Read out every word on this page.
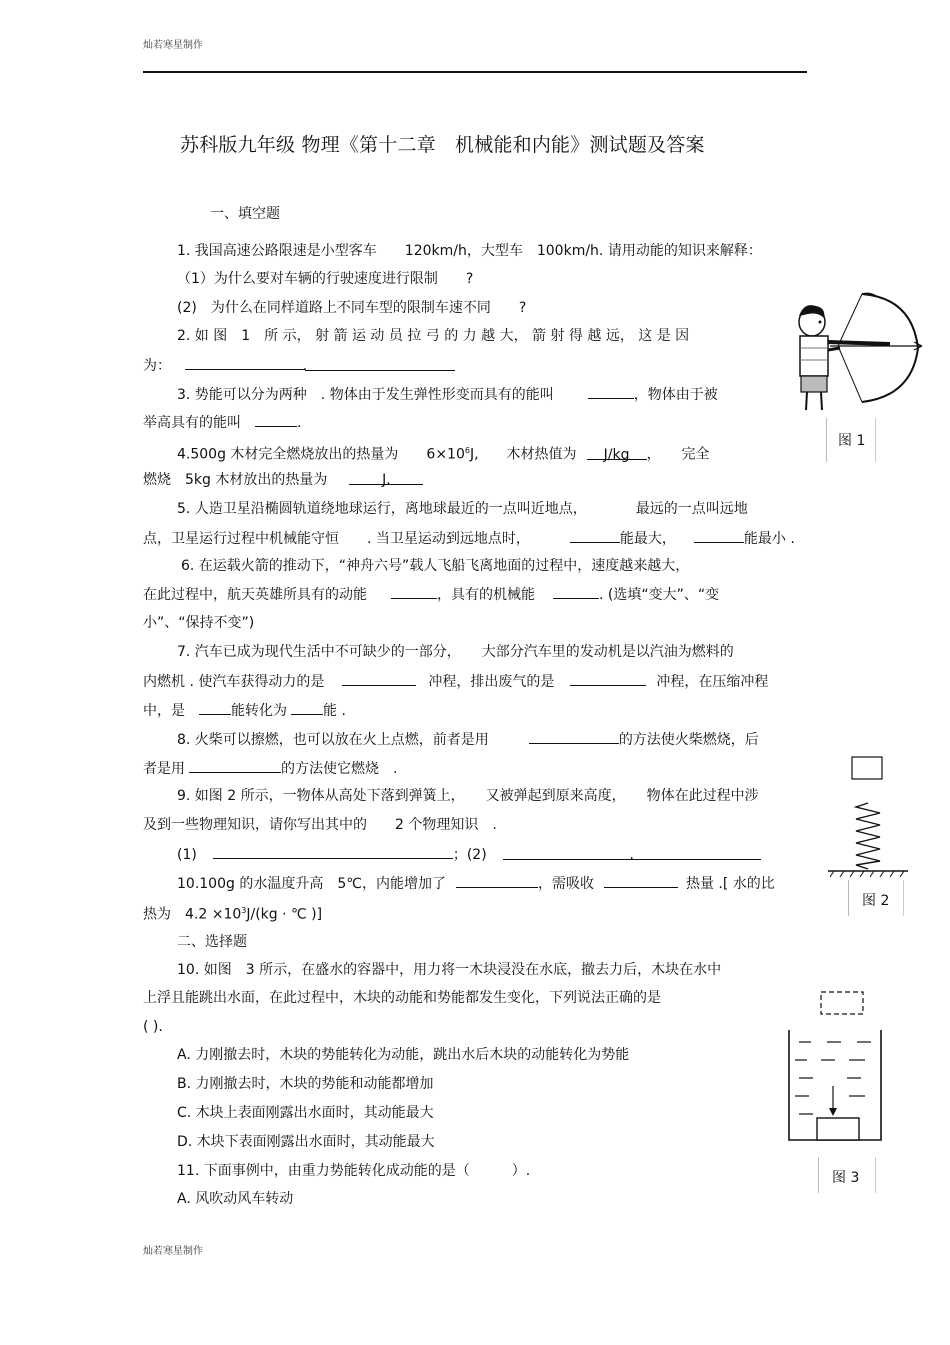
灿若寒星制作
苏科版九年级 物理《第十二章　机械能和内能》测试题及答案
一、填空题
1. 我国高速公路限速是小型客车　　120km/h，大型车　100km/h. 请用动能的知识来解释：
（1）为什么要对车辆的行驶速度进行限制　　?
(2)　为什么在同样道路上不同车型的限制车速不同　　?
2. 如 图　1　所 示， 射 箭 运 动 员 拉 弓 的 力 越 大， 箭 射 得 越 远， 这 是 因
为：	.
3. 势能可以分为两种　. 物体由于发生弹性形变而具有的能叫	，物体由于被
举高具有的能叫	.
4.500g 木材完全燃烧放出的热量为　　$6\times 10^6J$,　　木材热值为 J/kg ，　　完全
燃烧　5kg 木材放出的热量为	J.
5. 人造卫星沿椭圆轨道绕地球运行，离地球最近的一点叫近地点，　　　　最远的一点叫远地
点，卫星运行过程中机械能守恒　　. 当卫星运动到远地点时，	能最大，	能最小 .
6. 在运载火箭的推动下，“神舟六号”载人飞船飞离地面的过程中，速度越来越大，
在此过程中，航天英雄所具有的动能	，具有的机械能	. (选填“变大”、“变
小”、“保持不变”)
7. 汽车已成为现代生活中不可缺少的一部分，　　大部分汽车里的发动机是以汽油为燃料的
内燃机 . 使汽车获得动力的是	冲程，排出废气的是	冲程，在压缩冲程
中，是	能转化为	能 .
8. 火柴可以擦燃，也可以放在火上点燃，前者是用	的方法使火柴燃烧，后
者是用	的方法使它燃烧　.
9. 如图 2 所示，一物体从高处下落到弹簧上，　　又被弹起到原来高度，　　物体在此过程中涉
及到一些物理知识，请你写出其中的　　2 个物理知识　.
(1)	；(2)	.
10.100g 的水温度升高　5℃，内能增加了	，需吸收	热量 .[ 水的比
热为　$4.2 \times 10^3J/(kg$ · ℃ )]
二、选择题
10. 如图　3 所示，在盛水的容器中，用力将一木块浸没在水底，撤去力后，木块在水中
上浮且能跳出水面，在此过程中，木块的动能和势能都发生变化，下列说法正确的是
( ).
A. 力刚撤去时，木块的势能转化为动能，跳出水后木块的动能转化为势能
B. 力刚撤去时，木块的势能和动能都增加
C. 木块上表面刚露出水面时，其动能最大
D. 木块下表面刚露出水面时，其动能最大
11. 下面事例中，由重力势能转化成动能的是（　　　）.
A. 风吹动风车转动
灿若寒星制作
图 1
图 2
图 3
